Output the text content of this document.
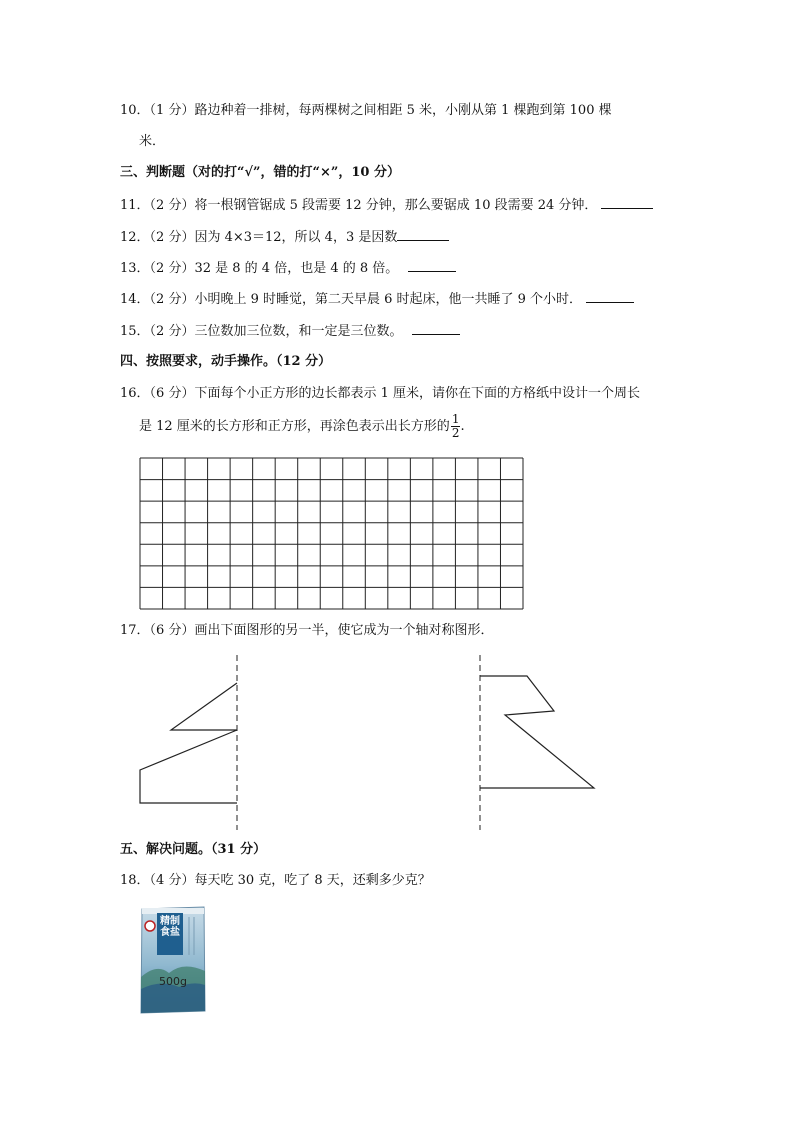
10．（1 分）路边种着一排树，每两棵树之间相距 5 米，小刚从第 1 棵跑到第 100 棵
米．
三、判断题（对的打“√”，错的打“×”，10 分）
11．（2 分）将一根钢管锯成 5 段需要 12 分钟，那么要锯成 10 段需要 24 分钟．
12．（2 分）因为 4×3＝12，所以 4，3 是因数
13．（2 分）32 是 8 的 4 倍，也是 4 的 8 倍。
14．（2 分）小明晚上 9 时睡觉，第二天早晨 6 时起床，他一共睡了 9 个小时．
15．（2 分）三位数加三位数，和一定是三位数。
四、按照要求，动手操作。（12 分）
16．（6 分）下面每个小正方形的边长都表示 1 厘米，请你在下面的方格纸中设计一个周长
是 12 厘米的长方形和正方形，再涂色表示出长方形的 $\frac{1}{2}$ .
17．（6 分）画出下面图形的另一半，使它成为一个轴对称图形．
五、解决问题。（31 分）
18．（4 分）每天吃 30 克，吃了 8 天，还剩多少克？
精制食盐
500g
